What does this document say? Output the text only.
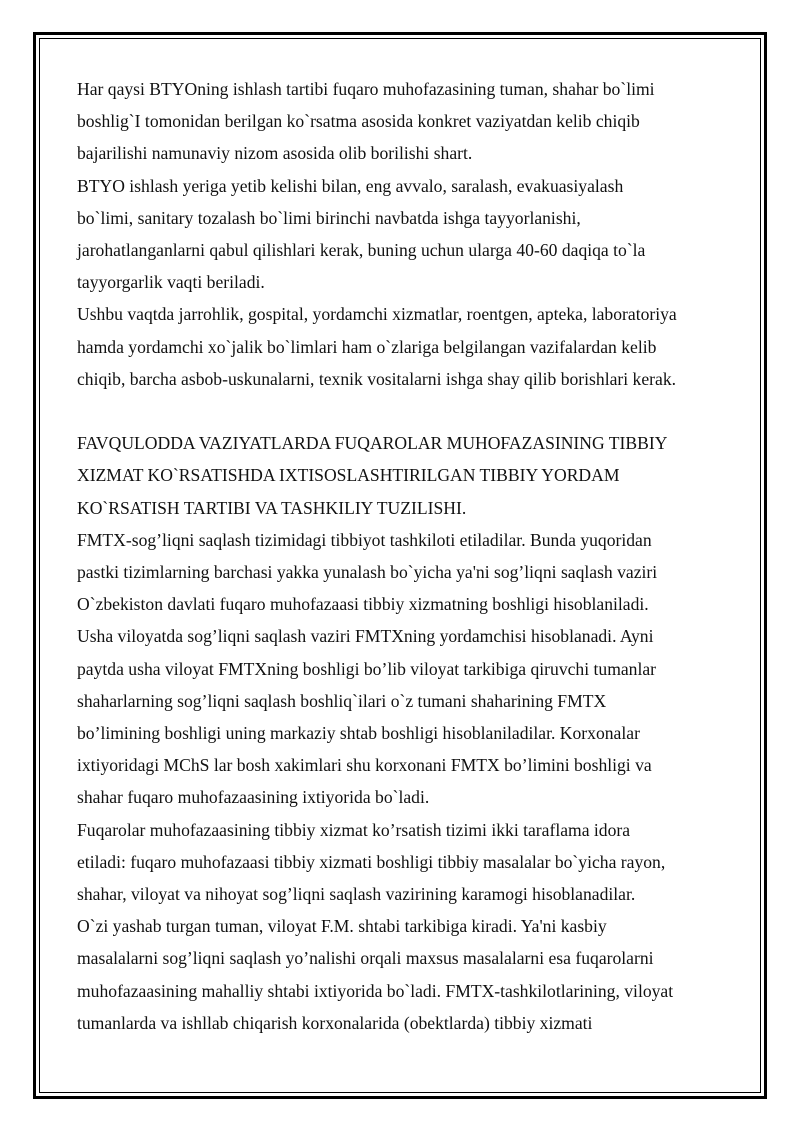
Har qaysi BTYOning ishlash tartibi fuqaro muhofazasining tuman, shahar bo`limi

boshlig`I tomonidan berilgan ko`rsatma asosida konkret vaziyatdan kelib chiqib

bajarilishi namunaviy nizom asosida olib borilishi shart.

BTYO ishlash yeriga yetib kelishi bilan, eng avvalo, saralash, evakuasiyalash

bo`limi, sanitary tozalash bo`limi birinchi navbatda ishga tayyorlanishi,

jarohatlanganlarni qabul qilishlari kerak, buning uchun ularga 40-60 daqiqa to`la

tayyorgarlik vaqti beriladi.

Ushbu vaqtda jarrohlik, gospital, yordamchi xizmatlar, roentgen, apteka, laboratoriya

hamda yordamchi xo`jalik bo`limlari ham o`zlariga belgilangan vazifalardan kelib

chiqib, barcha asbob-uskunalarni, texnik vositalarni ishga shay qilib borishlari kerak.

FAVQULODDA VAZIYATLARDA FUQAROLAR MUHOFAZASINING TIBBIY

XIZMAT KO`RSATISHDA IXTISOSLASHTIRILGAN TIBBIY YORDAM

KO`RSATISH TARTIBI VA TASHKILIY TUZILISHI.

FMTX-sog’liqni saqlash tizimidagi tibbiyot tashkiloti etiladilar. Bunda yuqoridan

pastki tizimlarning barchasi yakka yunalash bo`yicha ya'ni sog’liqni saqlash vaziri

O`zbekiston davlati fuqaro muhofazaasi tibbiy xizmatning boshligi hisoblaniladi.

Usha viloyatda sog’liqni saqlash vaziri FMTXning yordamchisi hisoblanadi. Ayni

paytda usha viloyat FMTXning boshligi bo’lib viloyat tarkibiga qiruvchi tumanlar

shaharlarning sog’liqni saqlash boshliq`ilari o`z tumani shaharining FMTX

bo’limining boshligi uning markaziy shtab boshligi hisoblaniladilar. Korxonalar

ixtiyoridagi MChS lar bosh xakimlari shu korxonani FMTX bo’limini boshligi va

shahar fuqaro muhofazaasining ixtiyorida bo`ladi.

Fuqarolar muhofazaasining tibbiy xizmat ko’rsatish tizimi ikki taraflama idora

etiladi: fuqaro muhofazaasi tibbiy xizmati boshligi tibbiy masalalar bo`yicha rayon,

shahar, viloyat va nihoyat sog’liqni saqlash vazirining karamogi hisoblanadilar.

O`zi yashab turgan tuman, viloyat F.M. shtabi tarkibiga kiradi. Ya'ni kasbiy

masalalarni sog’liqni saqlash yo’nalishi orqali maxsus masalalarni esa fuqarolarni

muhofazaasining mahalliy shtabi ixtiyorida bo`ladi. FMTX-tashkilotlarining, viloyat

tumanlarda va ishllab chiqarish korxonalarida (obektlarda) tibbiy xizmati
